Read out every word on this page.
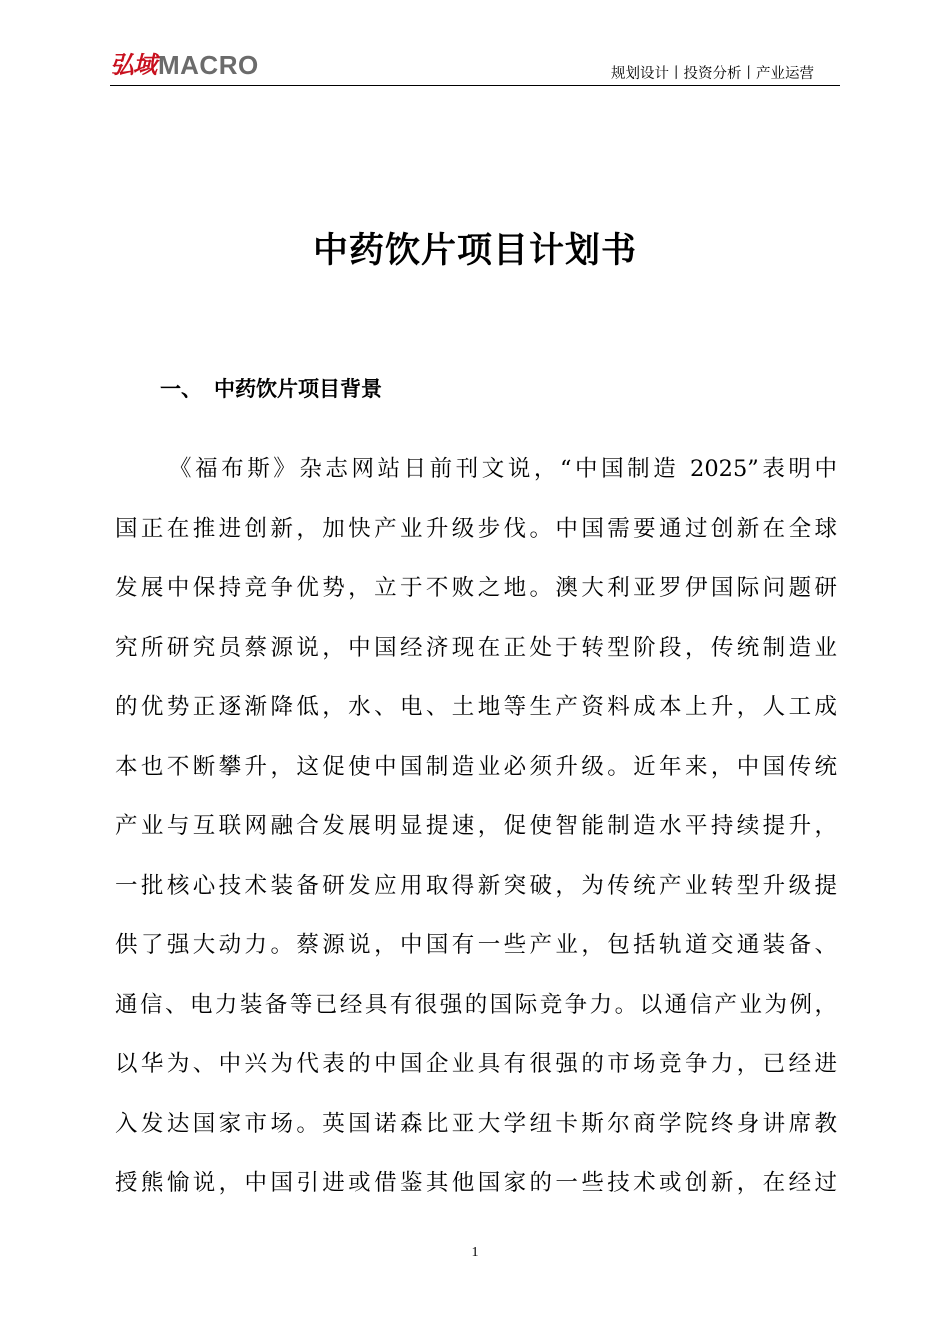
弘域 MACRO	规划设计丨投资分析丨产业运营
中药饮片项目计划书
一、 中药饮片项目背景
《福布斯》杂志网站日前刊文说，“中国制造 2025”表明中
国正在推进创新，加快产业升级步伐。中国需要通过创新在全球
发展中保持竞争优势，立于不败之地。澳大利亚罗伊国际问题研
究所研究员蔡源说，中国经济现在正处于转型阶段，传统制造业
的优势正逐渐降低，水、电、土地等生产资料成本上升，人工成
本也不断攀升，这促使中国制造业必须升级。近年来，中国传统
产业与互联网融合发展明显提速，促使智能制造水平持续提升，
一批核心技术装备研发应用取得新突破，为传统产业转型升级提
供了强大动力。蔡源说，中国有一些产业，包括轨道交通装备、
通信、电力装备等已经具有很强的国际竞争力。以通信产业为例，
以华为、中兴为代表的中国企业具有很强的市场竞争力，已经进
入发达国家市场。英国诺森比亚大学纽卡斯尔商学院终身讲席教
授熊愉说，中国引进或借鉴其他国家的一些技术或创新，在经过
1
